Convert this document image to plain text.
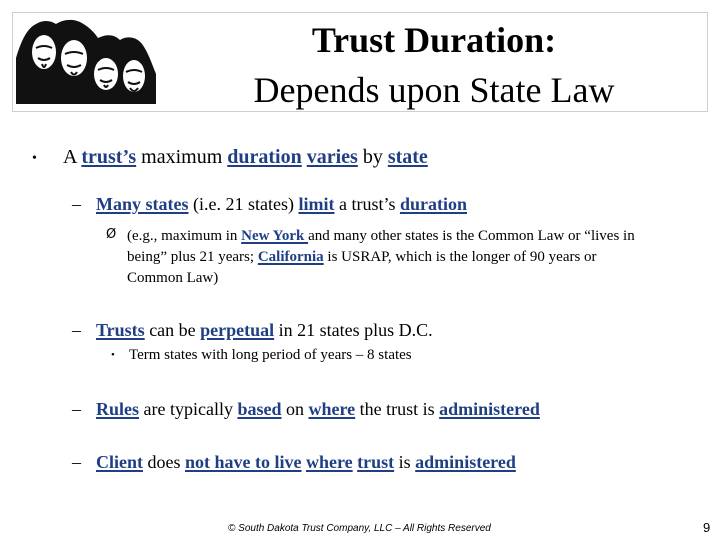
Trust Duration:
Depends upon State Law
• A trust’s maximum duration varies by state
– Many states (i.e. 21 states) limit a trust’s duration
Ø (e.g., maximum in New York and many other states is the Common Law or “lives in being” plus 21 years; California is USRAP, which is the longer of 90 years or Common Law)
– Trusts can be perpetual in 21 states plus D.C.
• Term states with long period of years – 8 states
– Rules are typically based on where the trust is administered
– Client does not have to live where trust is administered
© South Dakota Trust Company, LLC – All Rights Reserved	9
